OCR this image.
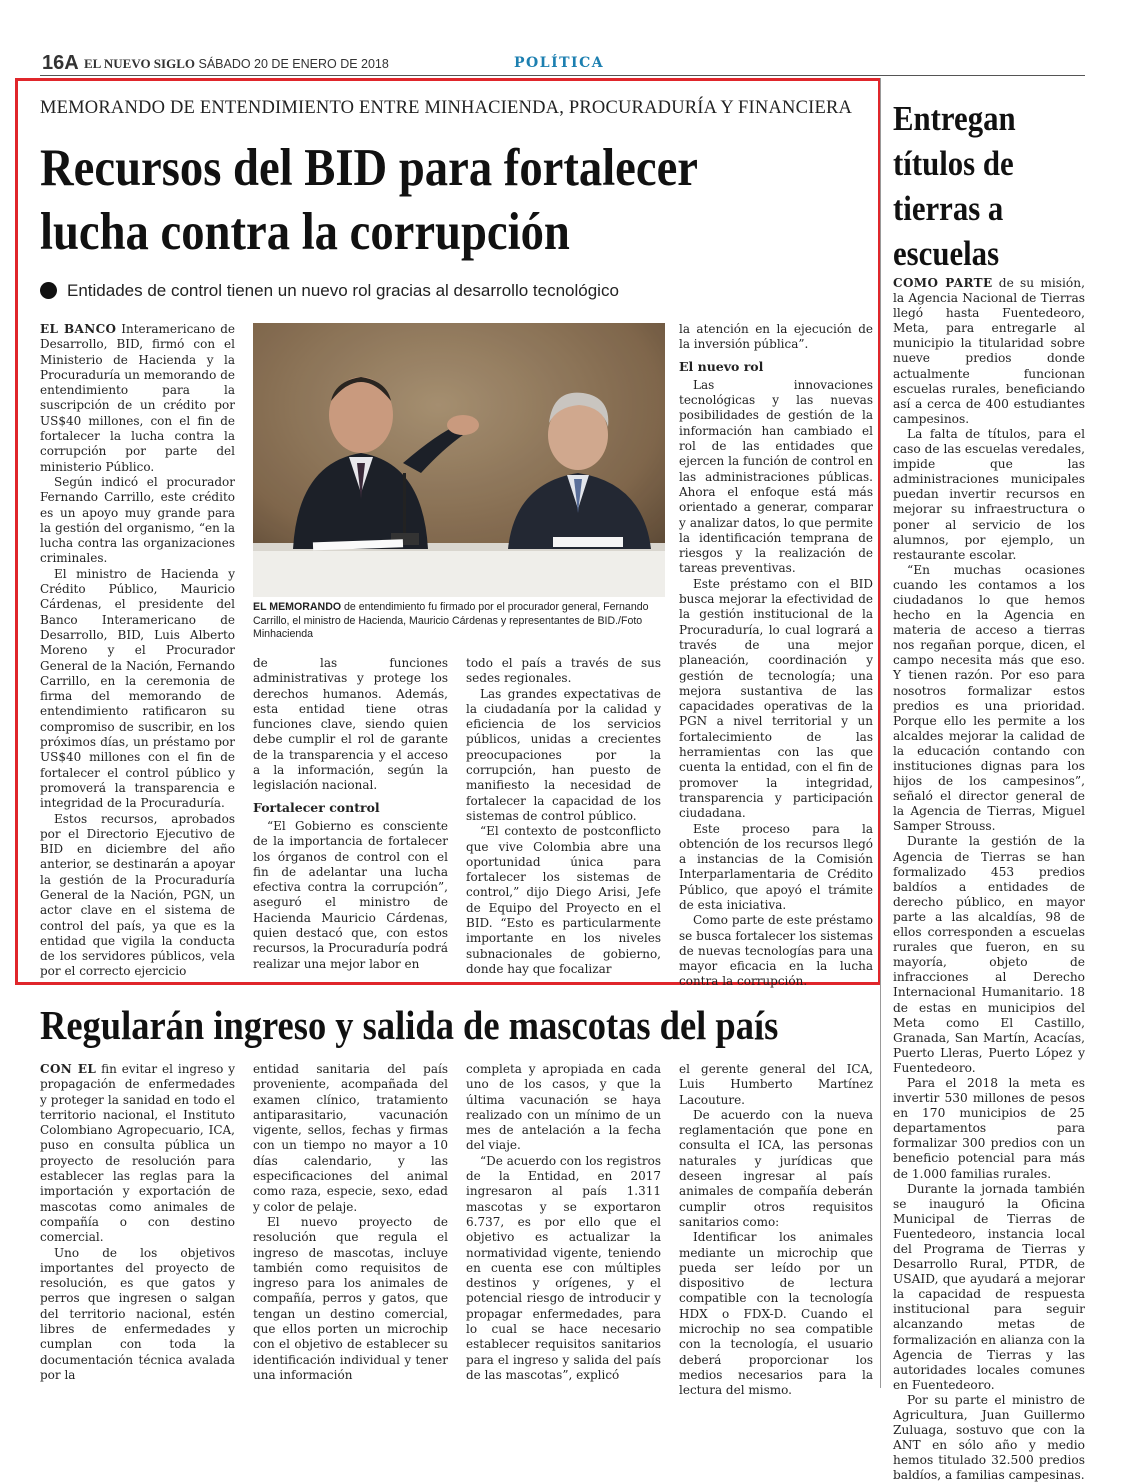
16A EL NUEVO SIGLO SÁBADO 20 DE ENERO DE 2018	POLÍTICA
MEMORANDO DE ENTENDIMIENTO ENTRE MINHACIENDA, PROCURADURÍA Y FINANCIERA
Recursos del BID para fortalecer
lucha contra la corrupción
Entidades de control tienen un nuevo rol gracias al desarrollo tecnológico

EL BANCO Interamericano de Desarrollo, BID, firmó con el Ministerio de Hacienda y la Procuraduría un memorando de entendimiento para la suscripción de un crédito por US$40 millones, con el fin de fortalecer la lucha contra la corrupción por parte del ministerio Público.

Según indicó el procurador Fernando Carrillo, este crédito es un apoyo muy grande para la gestión del organismo, “en la lucha contra las organizaciones criminales.

El ministro de Hacienda y Crédito Público, Mauricio Cárdenas, el presidente del Banco Interamericano de Desarrollo, BID, Luis Alberto Moreno y el Procurador General de la Nación, Fernando Carrillo, en la ceremonia de firma del memorando de entendimiento ratificaron su compromiso de suscribir, en los próximos días, un préstamo por US$40 millones con el fin de fortalecer el control público y promoverá la transparencia e integridad de la Procuraduría.

Estos recursos, aprobados por el Directorio Ejecutivo de BID en diciembre del año anterior, se destinarán a apoyar la gestión de la Procuraduría General de la Nación, PGN, un actor clave en el sistema de control del país, ya que es la entidad que vigila la conducta de los servidores públicos, vela por el correcto ejercicio

EL MEMORANDO de entendimiento fu firmado por el procurador general, Fernando Carrillo, el ministro de Hacienda, Mauricio Cárdenas y representantes de BID./Foto Minhacienda

de las funciones administrativas y protege los derechos humanos. Además, esta entidad tiene otras funciones clave, siendo quien debe cumplir el rol de garante de la transparencia y el acceso a la información, según la legislación nacional.

Fortalecer control

“El Gobierno es consciente de la importancia de fortalecer los órganos de control con el fin de adelantar una lucha efectiva contra la corrupción”, aseguró el ministro de Hacienda Mauricio Cárdenas, quien destacó que, con estos recursos, la Procuraduría podrá realizar una mejor labor en

todo el país a través de sus sedes regionales.

Las grandes expectativas de la ciudadanía por la calidad y eficiencia de los servicios públicos, unidas a crecientes preocupaciones por la corrupción, han puesto de manifiesto la necesidad de fortalecer la capacidad de los sistemas de control público.

“El contexto de postconflicto que vive Colombia abre una oportunidad única para fortalecer los sistemas de control,” dijo Diego Arisi, Jefe de Equipo del Proyecto en el BID. “Esto es particularmente importante en los niveles subnacionales de gobierno, donde hay que focalizar

la atención en la ejecución de la inversión pública”.

El nuevo rol

Las innovaciones tecnológicas y las nuevas posibilidades de gestión de la información han cambiado el rol de las entidades que ejercen la función de control en las administraciones públicas. Ahora el enfoque está más orientado a generar, comparar y analizar datos, lo que permite la identificación temprana de riesgos y la realización de tareas preventivas.

Este préstamo con el BID busca mejorar la efectividad de la gestión institucional de la Procuraduría, lo cual logrará a través de una mejor planeación, coordinación y gestión de tecnología; una mejora sustantiva de las capacidades operativas de la PGN a nivel territorial y un fortalecimiento de las herramientas con las que cuenta la entidad, con el fin de promover la integridad, transparencia y participación ciudadana.

Este proceso para la obtención de los recursos llegó a instancias de la Comisión Interparlamentaria de Crédito Público, que apoyó el trámite de esta iniciativa.

Como parte de este préstamo se busca fortalecer los sistemas de nuevas tecnologías para una mayor eficacia en la lucha contra la corrupción.

Entregan títulos de tierras a escuelas

COMO PARTE de su misión, la Agencia Nacional de Tierras llegó hasta Fuentedeoro, Meta, para entregarle al municipio la titularidad sobre nueve predios donde actualmente funcionan escuelas rurales, beneficiando así a cerca de 400 estudiantes campesinos.

La falta de títulos, para el caso de las escuelas veredales, impide que las administraciones municipales puedan invertir recursos en mejorar su infraestructura o poner al servicio de los alumnos, por ejemplo, un restaurante escolar.

“En muchas ocasiones cuando les contamos a los ciudadanos lo que hemos hecho en la Agencia en materia de acceso a tierras nos regañan porque, dicen, el campo necesita más que eso. Y tienen razón. Por eso para nosotros formalizar estos predios es una prioridad. Porque ello les permite a los alcaldes mejorar la calidad de la educación contando con instituciones dignas para los hijos de los campesinos”, señaló el director general de la Agencia de Tierras, Miguel Samper Strouss.

Durante la gestión de la Agencia de Tierras se han formalizado 453 predios baldíos a entidades de derecho público, en mayor parte a las alcaldías, 98 de ellos corresponden a escuelas rurales que fueron, en su mayoría, objeto de infracciones al Derecho Internacional Humanitario. 18 de estas en municipios del Meta como El Castillo, Granada, San Martín, Acacías, Puerto Lleras, Puerto López y Fuentedeoro.

Para el 2018 la meta es invertir 530 millones de pesos en 170 municipios de 25 departamentos para formalizar 300 predios con un beneficio potencial para más de 1.000 familias rurales.

Durante la jornada también se inauguró la Oficina Municipal de Tierras de Fuentedeoro, instancia local del Programa de Tierras y Desarrollo Rural, PTDR, de USAID, que ayudará a mejorar la capacidad de respuesta institucional para seguir alcanzando metas de formalización en alianza con la Agencia de Tierras y las autoridades locales comunes en Fuentedeoro.

Por su parte el ministro de Agricultura, Juan Guillermo Zuluaga, sostuvo que con la ANT en sólo año y medio hemos titulado 32.500 predios baldíos, a familias campesinas.

Regularán ingreso y salida de mascotas del país

CON EL fin evitar el ingreso y propagación de enfermedades y proteger la sanidad en todo el territorio nacional, el Instituto Colombiano Agropecuario, ICA, puso en consulta pública un proyecto de resolución para establecer las reglas para la importación y exportación de mascotas como animales de compañía o con destino comercial.

Uno de los objetivos importantes del proyecto de resolución, es que gatos y perros que ingresen o salgan del territorio nacional, estén libres de enfermedades y cumplan con toda la documentación técnica avalada por la

entidad sanitaria del país proveniente, acompañada del examen clínico, tratamiento antiparasitario, vacunación vigente, sellos, fechas y firmas con un tiempo no mayor a 10 días calendario, y las especificaciones del animal como raza, especie, sexo, edad y color de pelaje.

El nuevo proyecto de resolución que regula el ingreso de mascotas, incluye también como requisitos de ingreso para los animales de compañía, perros y gatos, que tengan un destino comercial, que ellos porten un microchip con el objetivo de establecer su identificación individual y tener una información

completa y apropiada en cada uno de los casos, y que la última vacunación se haya realizado con un mínimo de un mes de antelación a la fecha del viaje.

“De acuerdo con los registros de la Entidad, en 2017 ingresaron al país 1.311 mascotas y se exportaron 6.737, es por ello que el objetivo es actualizar la normatividad vigente, teniendo en cuenta ese con múltiples destinos y orígenes, y el potencial riesgo de introducir y propagar enfermedades, para lo cual se hace necesario establecer requisitos sanitarios para el ingreso y salida del país de las mascotas”, explicó

el gerente general del ICA, Luis Humberto Martínez Lacouture.

De acuerdo con la nueva reglamentación que pone en consulta el ICA, las personas naturales y jurídicas que deseen ingresar al país animales de compañía deberán cumplir otros requisitos sanitarios como:

Identificar los animales mediante un microchip que pueda ser leído por un dispositivo de lectura compatible con la tecnología HDX o FDX-D. Cuando el microchip no sea compatible con la tecnología, el usuario deberá proporcionar los medios necesarios para la lectura del mismo.
